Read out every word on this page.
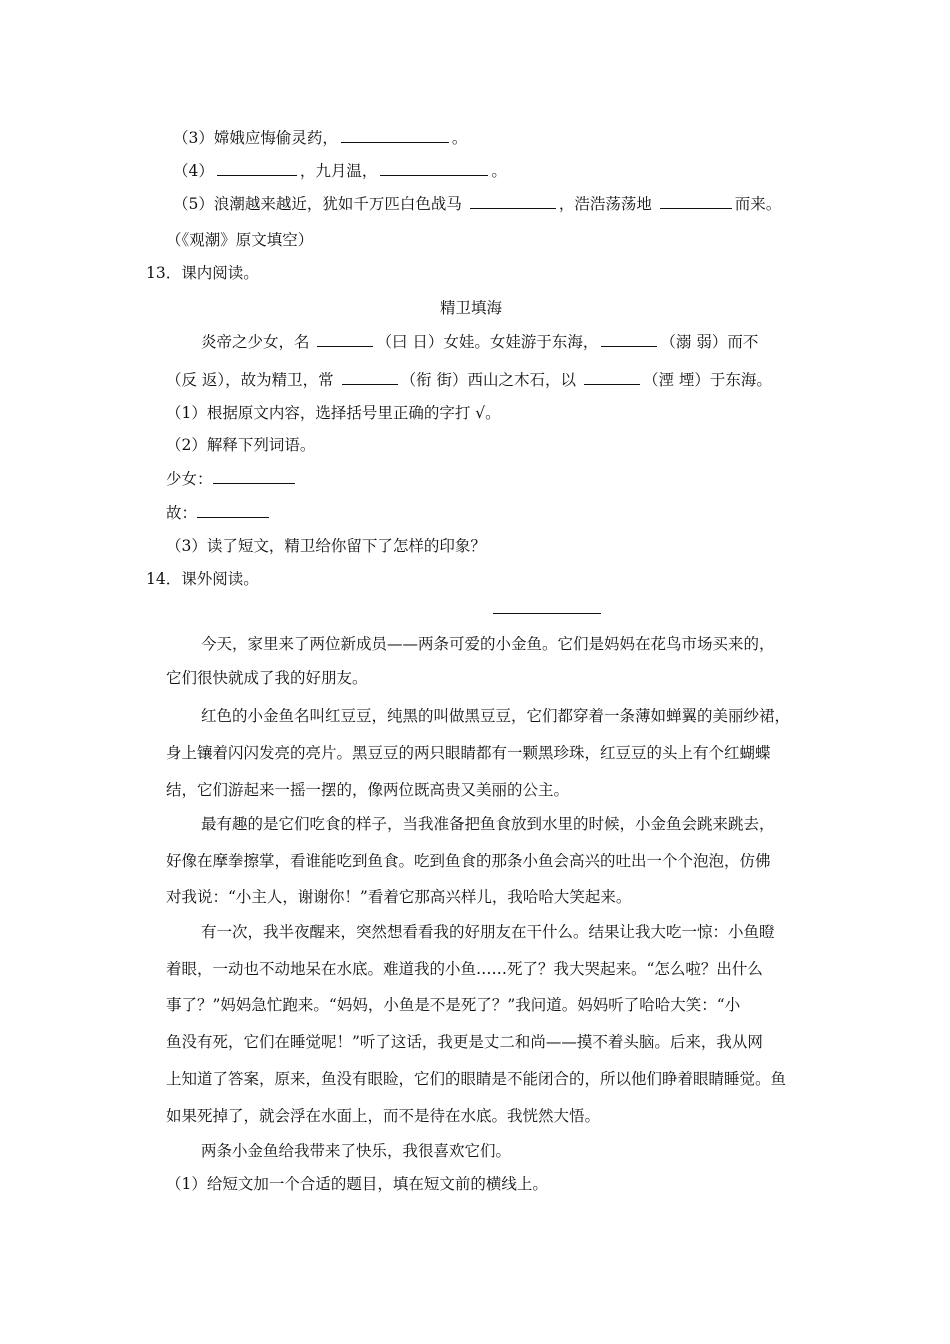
（3）嫦娥应悔偷灵药，	。
（4）	，九月温，	。
（5）浪潮越来越近，犹如千万匹白色战马	，浩浩荡荡地	而来。
（《观潮》原文填空）
13．课内阅读。
精卫填海
炎帝之少女，名	（曰 日）女娃。女娃游于东海，	（溺 弱）而不
（反 返），故为精卫，常	（衔 街）西山之木石，以	（湮 堙）于东海。
（1）根据原文内容，选择括号里正确的字打 √。
（2）解释下列词语。
少女：
故：
（3）读了短文，精卫给你留下了怎样的印象？
14．课外阅读。
今天，家里来了两位新成员——两条可爱的小金鱼。它们是妈妈在花鸟市场买来的，
它们很快就成了我的好朋友。
红色的小金鱼名叫红豆豆，纯黑的叫做黑豆豆，它们都穿着一条薄如蝉翼的美丽纱裙，
身上镶着闪闪发亮的亮片。黑豆豆的两只眼睛都有一颗黑珍珠，红豆豆的头上有个红蝴蝶
结，它们游起来一摇一摆的，像两位既高贵又美丽的公主。
最有趣的是它们吃食的样子，当我准备把鱼食放到水里的时候，小金鱼会跳来跳去，
好像在摩拳擦掌，看谁能吃到鱼食。吃到鱼食的那条小鱼会高兴的吐出一个个泡泡，仿佛
对我说：“小主人，谢谢你！”看着它那高兴样儿，我哈哈大笑起来。
有一次，我半夜醒来，突然想看看我的好朋友在干什么。结果让我大吃一惊：小鱼瞪
着眼，一动也不动地呆在水底。难道我的小鱼……死了？我大哭起来。“怎么啦？出什么
事了？”妈妈急忙跑来。“妈妈，小鱼是不是死了？”我问道。妈妈听了哈哈大笑：“小
鱼没有死，它们在睡觉呢！”听了这话，我更是丈二和尚——摸不着头脑。后来，我从网
上知道了答案，原来，鱼没有眼睑，它们的眼睛是不能闭合的，所以他们睁着眼睛睡觉。鱼
如果死掉了，就会浮在水面上，而不是待在水底。我恍然大悟。
两条小金鱼给我带来了快乐，我很喜欢它们。
（1）给短文加一个合适的题目，填在短文前的横线上。
